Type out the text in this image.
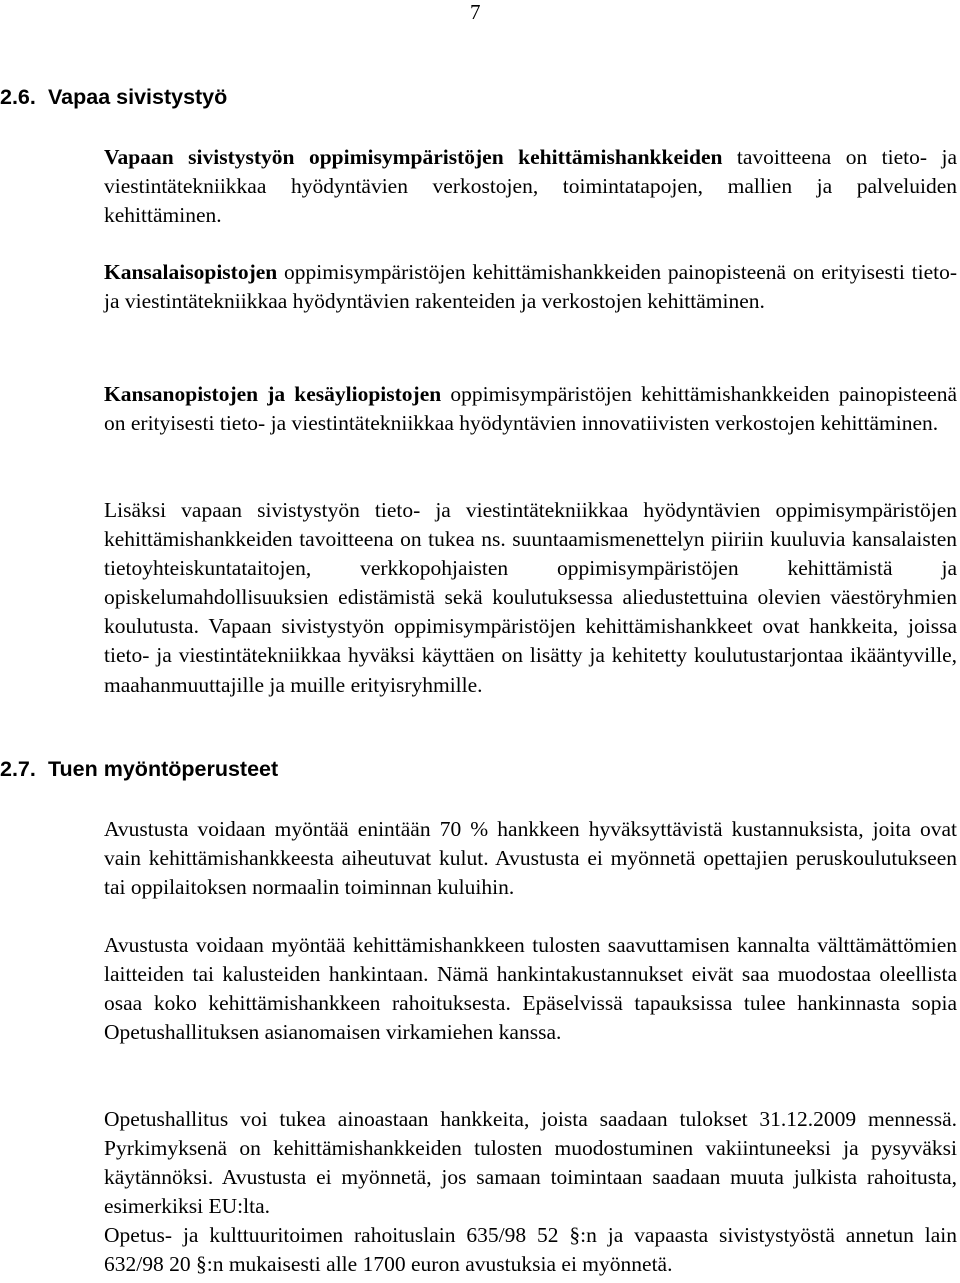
7
2.6. Vapaa sivistystyö
Vapaan sivistystyön oppimisympäristöjen kehittämishankkeiden tavoitteena on tieto- ja viestintätekniikkaa hyödyntävien verkostojen, toimintatapojen, mallien ja palveluiden kehittäminen.
Kansalaisopistojen oppimisympäristöjen kehittämishankkeiden painopisteenä on erityisesti tieto- ja viestintätekniikkaa hyödyntävien rakenteiden ja verkostojen kehittäminen.
Kansanopistojen ja kesäyliopistojen oppimisympäristöjen kehittämishankkeiden painopisteenä on erityisesti tieto- ja viestintätekniikkaa hyödyntävien innovatiivisten verkostojen kehittäminen.
Lisäksi vapaan sivistystyön tieto- ja viestintätekniikkaa hyödyntävien oppimisympäristöjen kehittämishankkeiden tavoitteena on tukea ns. suuntaamismenettelyn piiriin kuuluvia kansalaisten tietoyhteiskuntataitojen, verkkopohjaisten oppimisympäristöjen kehittämistä ja opiskelumahdollisuuksien edistämistä sekä koulutuksessa aliedustettuina olevien väestöryhmien koulutusta. Vapaan sivistystyön oppimisympäristöjen kehittämishankkeet ovat hankkeita, joissa tieto- ja viestintätekniikkaa hyväksi käyttäen on lisätty ja kehitetty koulutustarjontaa ikääntyville, maahanmuuttajille ja muille erityisryhmille.
2.7. Tuen myöntöperusteet
Avustusta voidaan myöntää enintään 70 % hankkeen hyväksyttävistä kustannuksista, joita ovat vain kehittämishankkeesta aiheutuvat kulut. Avustusta ei myönnetä opettajien peruskoulutukseen tai oppilaitoksen normaalin toiminnan kuluihin.
Avustusta voidaan myöntää kehittämishankkeen tulosten saavuttamisen kannalta välttämättömien laitteiden tai kalusteiden hankintaan. Nämä hankintakustannukset eivät saa muodostaa oleellista osaa koko kehittämishankkeen rahoituksesta. Epäselvissä tapauksissa tulee hankinnasta sopia Opetushallituksen asianomaisen virkamiehen kanssa.
Opetushallitus voi tukea ainoastaan hankkeita, joista saadaan tulokset 31.12.2009 mennessä. Pyrkimyksenä on kehittämishankkeiden tulosten muodostuminen vakiintuneeksi ja pysyväksi käytännöksi. Avustusta ei myönnetä, jos samaan toimintaan saadaan muuta julkista rahoitusta, esimerkiksi EU:lta.
Opetus- ja kulttuuritoimen rahoituslain 635/98 52 §:n ja vapaasta sivistystyöstä annetun lain 632/98 20 §:n mukaisesti alle 1700 euron avustuksia ei myönnetä.
